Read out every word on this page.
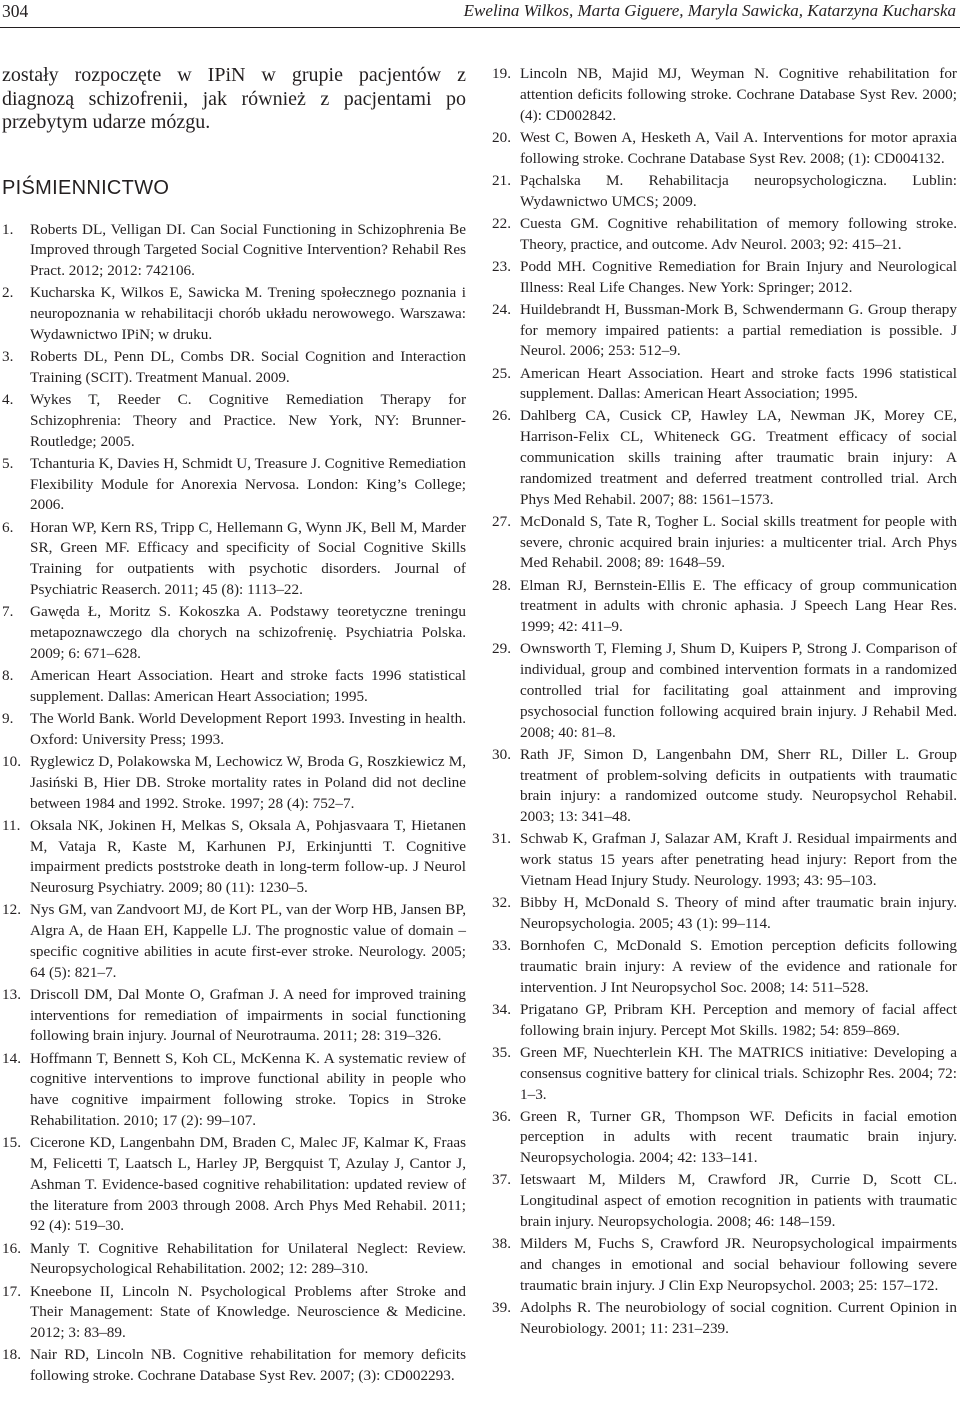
304	Ewelina Wilkos, Marta Giguere, Maryla Sawicka, Katarzyna Kucharska

zostały rozpoczęte w IPiN w grupie pacjentów z diagnozą schizofrenii, jak również z pacjentami po przebytym udarze mózgu.

PIŚMIENNICTWO
1. Roberts DL, Velligan DI. Can Social Functioning in Schizophrenia Be Improved through Targeted Social Cognitive Intervention? Rehabil Res Pract. 2012; 2012: 742106.
2. Kucharska K, Wilkos E, Sawicka M. Trening społecznego poznania i neuropoznania w rehabilitacji chorób układu nerowowego. Warszawa: Wydawnictwo IPiN; w druku.
3. Roberts DL, Penn DL, Combs DR. Social Cognition and Interaction Training (SCIT). Treatment Manual. 2009.
4. Wykes T, Reeder C. Cognitive Remediation Therapy for Schizophrenia: Theory and Practice. New York, NY: Brunner-Routledge; 2005.
5. Tchanturia K, Davies H, Schmidt U, Treasure J. Cognitive Remediation Flexibility Module for Anorexia Nervosa. London: King’s College; 2006.
6. Horan WP, Kern RS, Tripp C, Hellemann G, Wynn JK, Bell M, Marder SR, Green MF. Efficacy and specificity of Social Cognitive Skills Training for outpatients with psychotic disorders. Journal of Psychiatric Reaserch. 2011; 45 (8): 1113–22.
7. Gawęda Ł, Moritz S. Kokoszka A. Podstawy teoretyczne treningu metapoznawczego dla chorych na schizofrenię. Psychiatria Polska. 2009; 6: 671–628.
8. American Heart Association. Heart and stroke facts 1996 statistical supplement. Dallas: American Heart Association; 1995.
9. The World Bank. World Development Report 1993. Investing in health. Oxford: University Press; 1993.
10. Ryglewicz D, Polakowska M, Lechowicz W, Broda G, Roszkiewicz M, Jasiński B, Hier DB. Stroke mortality rates in Poland did not decline between 1984 and 1992. Stroke. 1997; 28 (4): 752–7.
11. Oksala NK, Jokinen H, Melkas S, Oksala A, Pohjasvaara T, Hietanen M, Vataja R, Kaste M, Karhunen PJ, Erkinjuntti T. Cognitive impairment predicts poststroke death in long-term follow-up. J Neurol Neurosurg Psychiatry. 2009; 80 (11): 1230–5.
12. Nys GM, van Zandvoort MJ, de Kort PL, van der Worp HB, Jansen BP, Algra A, de Haan EH, Kappelle LJ. The prognostic value of domain – specific cognitive abilities in acute first-ever stroke. Neurology. 2005; 64 (5): 821–7.
13. Driscoll DM, Dal Monte O, Grafman J. A need for improved training interventions for remediation of impairments in social functioning following brain injury. Journal of Neurotrauma. 2011; 28: 319–326.
14. Hoffmann T, Bennett S, Koh CL, McKenna K. A systematic review of cognitive interventions to improve functional ability in people who have cognitive impairment following stroke. Topics in Stroke Rehabilitation. 2010; 17 (2): 99–107.
15. Cicerone KD, Langenbahn DM, Braden C, Malec JF, Kalmar K, Fraas M, Felicetti T, Laatsch L, Harley JP, Bergquist T, Azulay J, Cantor J, Ashman T. Evidence-based cognitive rehabilitation: updated review of the literature from 2003 through 2008. Arch Phys Med Rehabil. 2011; 92 (4): 519–30.
16. Manly T. Cognitive Rehabilitation for Unilateral Neglect: Review. Neuropsychological Rehabilitation. 2002; 12: 289–310.
17. Kneebone II, Lincoln N. Psychological Problems after Stroke and Their Management: State of Knowledge. Neuroscience & Medicine. 2012; 3: 83–89.
18. Nair RD, Lincoln NB. Cognitive rehabilitation for memory deficits following stroke. Cochrane Database Syst Rev. 2007; (3): CD002293.
19. Lincoln NB, Majid MJ, Weyman N. Cognitive rehabilitation for attention deficits following stroke. Cochrane Database Syst Rev. 2000; (4): CD002842.
20. West C, Bowen A, Hesketh A, Vail A. Interventions for motor apraxia following stroke. Cochrane Database Syst Rev. 2008; (1): CD004132.
21. Pąchalska M. Rehabilitacja neuropsychologiczna. Lublin: Wydawnictwo UMCS; 2009.
22. Cuesta GM. Cognitive rehabilitation of memory following stroke. Theory, practice, and outcome. Adv Neurol. 2003; 92: 415–21.
23. Podd MH. Cognitive Remediation for Brain Injury and Neurological Illness: Real Life Changes. New York: Springer; 2012.
24. Huildebrandt H, Bussman-Mork B, Schwendermann G. Group therapy for memory impaired patients: a partial remediation is possible. J Neurol. 2006; 253: 512–9.
25. American Heart Association. Heart and stroke facts 1996 statistical supplement. Dallas: American Heart Association; 1995.
26. Dahlberg CA, Cusick CP, Hawley LA, Newman JK, Morey CE, Harrison-Felix CL, Whiteneck GG. Treatment efficacy of social communication skills training after traumatic brain injury: A randomized treatment and deferred treatment controlled trial. Arch Phys Med Rehabil. 2007; 88: 1561–1573.
27. McDonald S, Tate R, Togher L. Social skills treatment for people with severe, chronic acquired brain injuries: a multicenter trial. Arch Phys Med Rehabil. 2008; 89: 1648–59.
28. Elman RJ, Bernstein-Ellis E. The efficacy of group communication treatment in adults with chronic aphasia. J Speech Lang Hear Res. 1999; 42: 411–9.
29. Ownsworth T, Fleming J, Shum D, Kuipers P, Strong J. Comparison of individual, group and combined intervention formats in a randomized controlled trial for facilitating goal attainment and improving psychosocial function following acquired brain injury. J Rehabil Med. 2008; 40: 81–8.
30. Rath JF, Simon D, Langenbahn DM, Sherr RL, Diller L. Group treatment of problem-solving deficits in outpatients with traumatic brain injury: a randomized outcome study. Neuropsychol Rehabil. 2003; 13: 341–48.
31. Schwab K, Grafman J, Salazar AM, Kraft J. Residual impairments and work status 15 years after penetrating head injury: Report from the Vietnam Head Injury Study. Neurology. 1993; 43: 95–103.
32. Bibby H, McDonald S. Theory of mind after traumatic brain injury. Neuropsychologia. 2005; 43 (1): 99–114.
33. Bornhofen C, McDonald S. Emotion perception deficits following traumatic brain injury: A review of the evidence and rationale for intervention. J Int Neuropsychol Soc. 2008; 14: 511–528.
34. Prigatano GP, Pribram KH. Perception and memory of facial affect following brain injury. Percept Mot Skills. 1982; 54: 859–869.
35. Green MF, Nuechterlein KH. The MATRICS initiative: Developing a consensus cognitive battery for clinical trials. Schizophr Res. 2004; 72: 1–3.
36. Green R, Turner GR, Thompson WF. Deficits in facial emotion perception in adults with recent traumatic brain injury. Neuropsychologia. 2004; 42: 133–141.
37. Ietswaart M, Milders M, Crawford JR, Currie D, Scott CL. Longitudinal aspect of emotion recognition in patients with traumatic brain injury. Neuropsychologia. 2008; 46: 148–159.
38. Milders M, Fuchs S, Crawford JR. Neuropsychological impairments and changes in emotional and social behaviour following severe traumatic brain injury. J Clin Exp Neuropsychol. 2003; 25: 157–172.
39. Adolphs R. The neurobiology of social cognition. Current Opinion in Neurobiology. 2001; 11: 231–239.
